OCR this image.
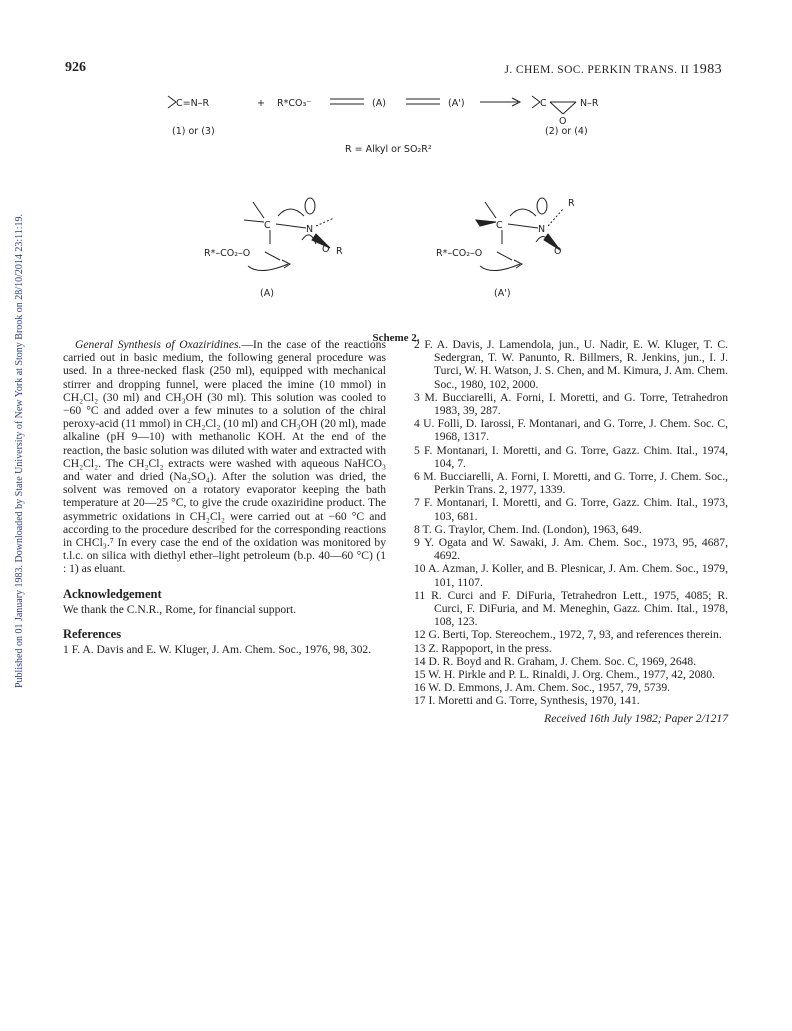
Published on 01 January 1983. Downloaded by State University of New York at Stony Brook on 28/10/2014 23:11:19.
926	J. CHEM. SOC. PERKIN TRANS. II 1983
C=N–R	+ R*CO₃⁻	(A)	(A')	C	N–R
O
(1) or (3)	(2) or (4)
R = Alkyl or SO₂R²
C	N
R
O
R*–CO₂–O
(A)
C	N
R
O
R*–CO₂–O
(A')
Scheme 2.

General Synthesis of Oxaziridines.—In the case of the reactions carried out in basic medium, the following general procedure was used. In a three-necked flask (250 ml), equipped with mechanical stirrer and dropping funnel, were placed the imine (10 mmol) in CH₂Cl₂ (30 ml) and CH₃OH (30 ml). This solution was cooled to −60 °C and added over a few minutes to a solution of the chiral peroxy-acid (11 mmol) in CH₂Cl₂ (10 ml) and CH₃OH (20 ml), made alkaline (pH 9—10) with methanolic KOH. At the end of the reaction, the basic solution was diluted with water and extracted with CH₂Cl₂. The CH₂Cl₂ extracts were washed with aqueous NaHCO₃ and water and dried (Na₂SO₄). After the solution was dried, the solvent was removed on a rotatory evaporator keeping the bath temperature at 20—25 °C, to give the crude oxaziridine product. The asymmetric oxidations in CH₂Cl₂ were carried out at −60 °C and according to the procedure described for the corresponding reactions in CHCl₃.⁷ In every case the end of the oxidation was monitored by t.l.c. on silica with diethyl ether–light petroleum (b.p. 40—60 °C) (1 : 1) as eluant.

Acknowledgement

We thank the C.N.R., Rome, for financial support.

References

1 F. A. Davis and E. W. Kluger, J. Am. Chem. Soc., 1976, 98, 302.

2 F. A. Davis, J. Lamendola, jun., U. Nadir, E. W. Kluger, T. C. Sedergran, T. W. Panunto, R. Billmers, R. Jenkins, jun., I. J. Turci, W. H. Watson, J. S. Chen, and M. Kimura, J. Am. Chem. Soc., 1980, 102, 2000.

3 M. Bucciarelli, A. Forni, I. Moretti, and G. Torre, Tetrahedron 1983, 39, 287.

4 U. Folli, D. Iarossi, F. Montanari, and G. Torre, J. Chem. Soc. C, 1968, 1317.

5 F. Montanari, I. Moretti, and G. Torre, Gazz. Chim. Ital., 1974, 104, 7.

6 M. Bucciarelli, A. Forni, I. Moretti, and G. Torre, J. Chem. Soc., Perkin Trans. 2, 1977, 1339.

7 F. Montanari, I. Moretti, and G. Torre, Gazz. Chim. Ital., 1973, 103, 681.

8 T. G. Traylor, Chem. Ind. (London), 1963, 649.

9 Y. Ogata and W. Sawaki, J. Am. Chem. Soc., 1973, 95, 4687, 4692.

10 A. Azman, J. Koller, and B. Plesnicar, J. Am. Chem. Soc., 1979, 101, 1107.

11 R. Curci and F. DiFuria, Tetrahedron Lett., 1975, 4085; R. Curci, F. DiFuria, and M. Meneghin, Gazz. Chim. Ital., 1978, 108, 123.

12 G. Berti, Top. Stereochem., 1972, 7, 93, and references therein.

13 Z. Rappoport, in the press.

14 D. R. Boyd and R. Graham, J. Chem. Soc. C, 1969, 2648.

15 W. H. Pirkle and P. L. Rinaldi, J. Org. Chem., 1977, 42, 2080.

16 W. D. Emmons, J. Am. Chem. Soc., 1957, 79, 5739.

17 I. Moretti and G. Torre, Synthesis, 1970, 141.

Received 16th July 1982; Paper 2/1217
